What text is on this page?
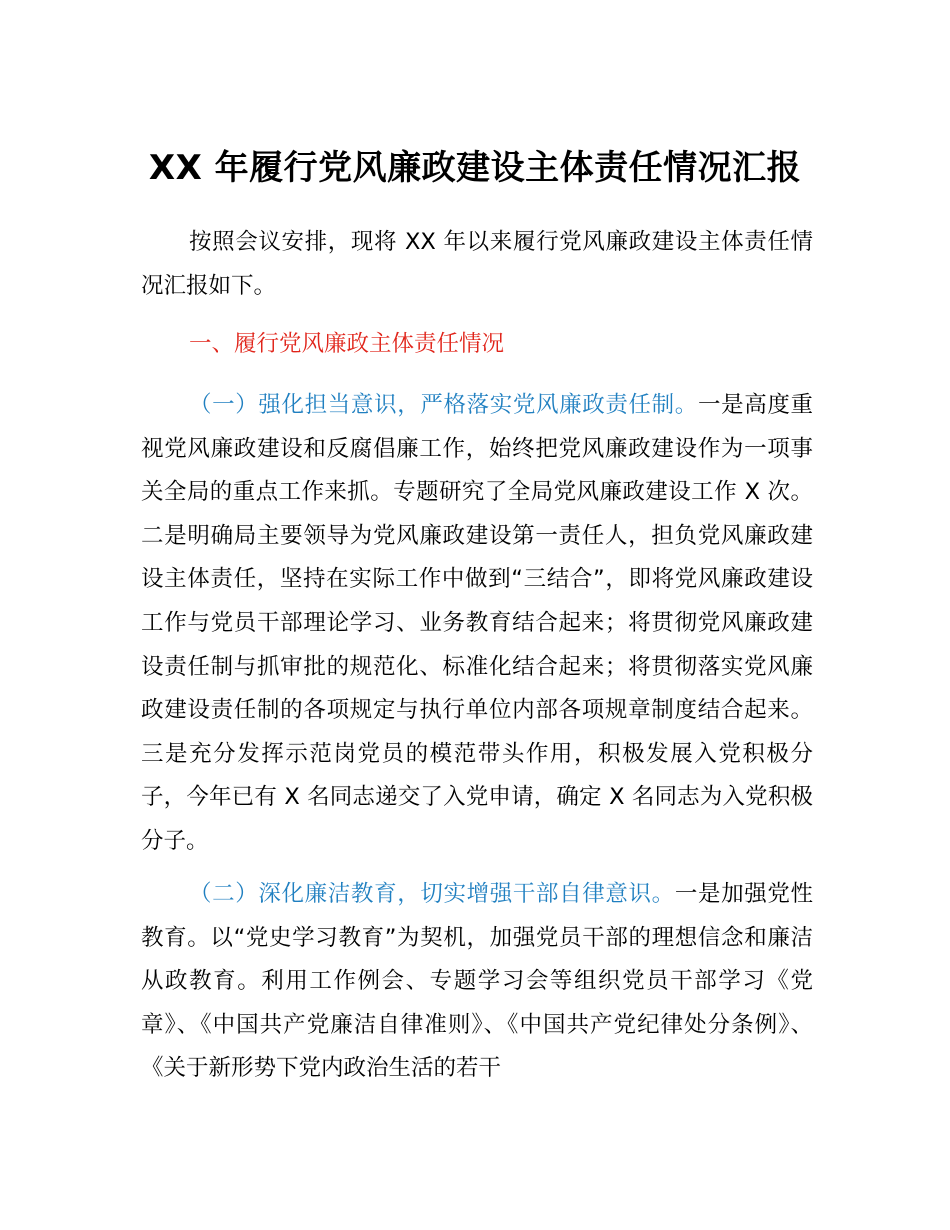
XX 年履行党风廉政建设主体责任情况汇报

按照会议安排，现将 XX 年以来履行党风廉政建设主体责任情况汇报如下。

一、履行党风廉政主体责任情况

（一）强化担当意识，严格落实党风廉政责任制。一是高度重视党风廉政建设和反腐倡廉工作，始终把党风廉政建设作为一项事关全局的重点工作来抓。专题研究了全局党风廉政建设工作 X 次。二是明确局主要领导为党风廉政建设第一责任人，担负党风廉政建设主体责任，坚持在实际工作中做到“三结合”，即将党风廉政建设工作与党员干部理论学习、业务教育结合起来；将贯彻党风廉政建设责任制与抓审批的规范化、标准化结合起来；将贯彻落实党风廉政建设责任制的各项规定与执行单位内部各项规章制度结合起来。三是充分发挥示范岗党员的模范带头作用，积极发展入党积极分子，今年已有 X 名同志递交了入党申请，确定 X 名同志为入党积极分子。

（二）深化廉洁教育，切实增强干部自律意识。一是加强党性教育。以“党史学习教育”为契机，加强党员干部的理想信念和廉洁从政教育。利用工作例会、专题学习会等组织党员干部学习《党章》、《中国共产党廉洁自律准则》、《中国共产党纪律处分条例》、《关于新形势下党内政治生活的若干
